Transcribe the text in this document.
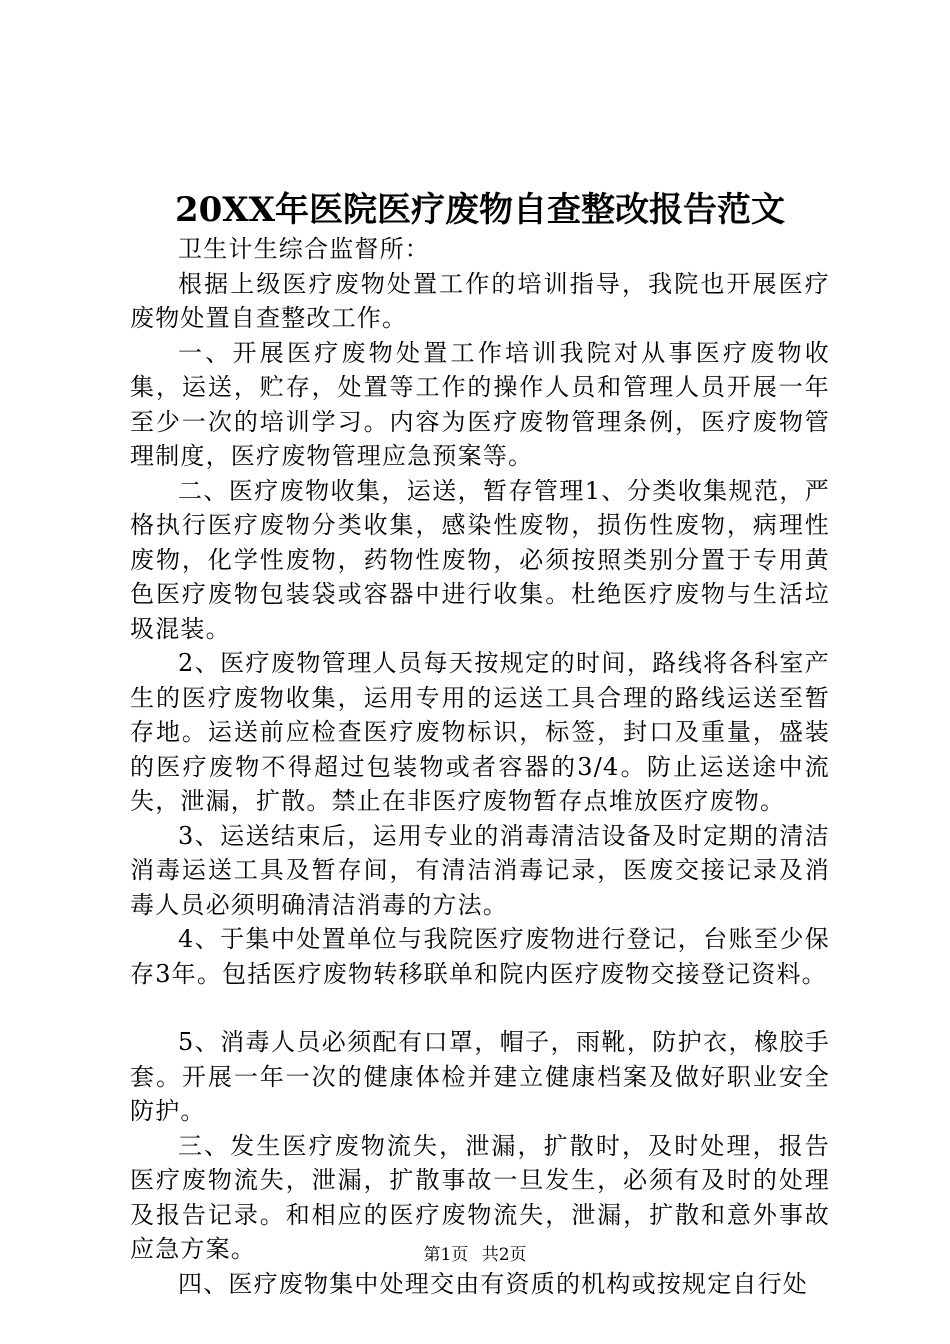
20XX年医院医疗废物自查整改报告范文

卫生计生综合监督所：

根据上级医疗废物处置工作的培训指导，我院也开展医疗废物处置自查整改工作。

一、开展医疗废物处置工作培训我院对从事医疗废物收集，运送，贮存，处置等工作的操作人员和管理人员开展一年至少一次的培训学习。内容为医疗废物管理条例，医疗废物管理制度，医疗废物管理应急预案等。

二、医疗废物收集，运送，暂存管理1、分类收集规范，严格执行医疗废物分类收集，感染性废物，损伤性废物，病理性废物，化学性废物，药物性废物，必须按照类别分置于专用黄色医疗废物包装袋或容器中进行收集。杜绝医疗废物与生活垃圾混装。

2、医疗废物管理人员每天按规定的时间，路线将各科室产生的医疗废物收集，运用专用的运送工具合理的路线运送至暂存地。运送前应检查医疗废物标识，标签，封口及重量，盛装的医疗废物不得超过包装物或者容器的3/4。防止运送途中流失，泄漏，扩散。禁止在非医疗废物暂存点堆放医疗废物。

3、运送结束后，运用专业的消毒清洁设备及时定期的清洁消毒运送工具及暂存间，有清洁消毒记录，医废交接记录及消毒人员必须明确清洁消毒的方法。

4、于集中处置单位与我院医疗废物进行登记，台账至少保存3年。包括医疗废物转移联单和院内医疗废物交接登记资料。

5、消毒人员必须配有口罩，帽子，雨靴，防护衣，橡胶手套。开展一年一次的健康体检并建立健康档案及做好职业安全防护。

三、发生医疗废物流失，泄漏，扩散时，及时处理，报告医疗废物流失，泄漏，扩散事故一旦发生，必须有及时的处理及报告记录。和相应的医疗废物流失，泄漏，扩散和意外事故应急方案。

四、医疗废物集中处理交由有资质的机构或按规定自行处

第1页 共2页
